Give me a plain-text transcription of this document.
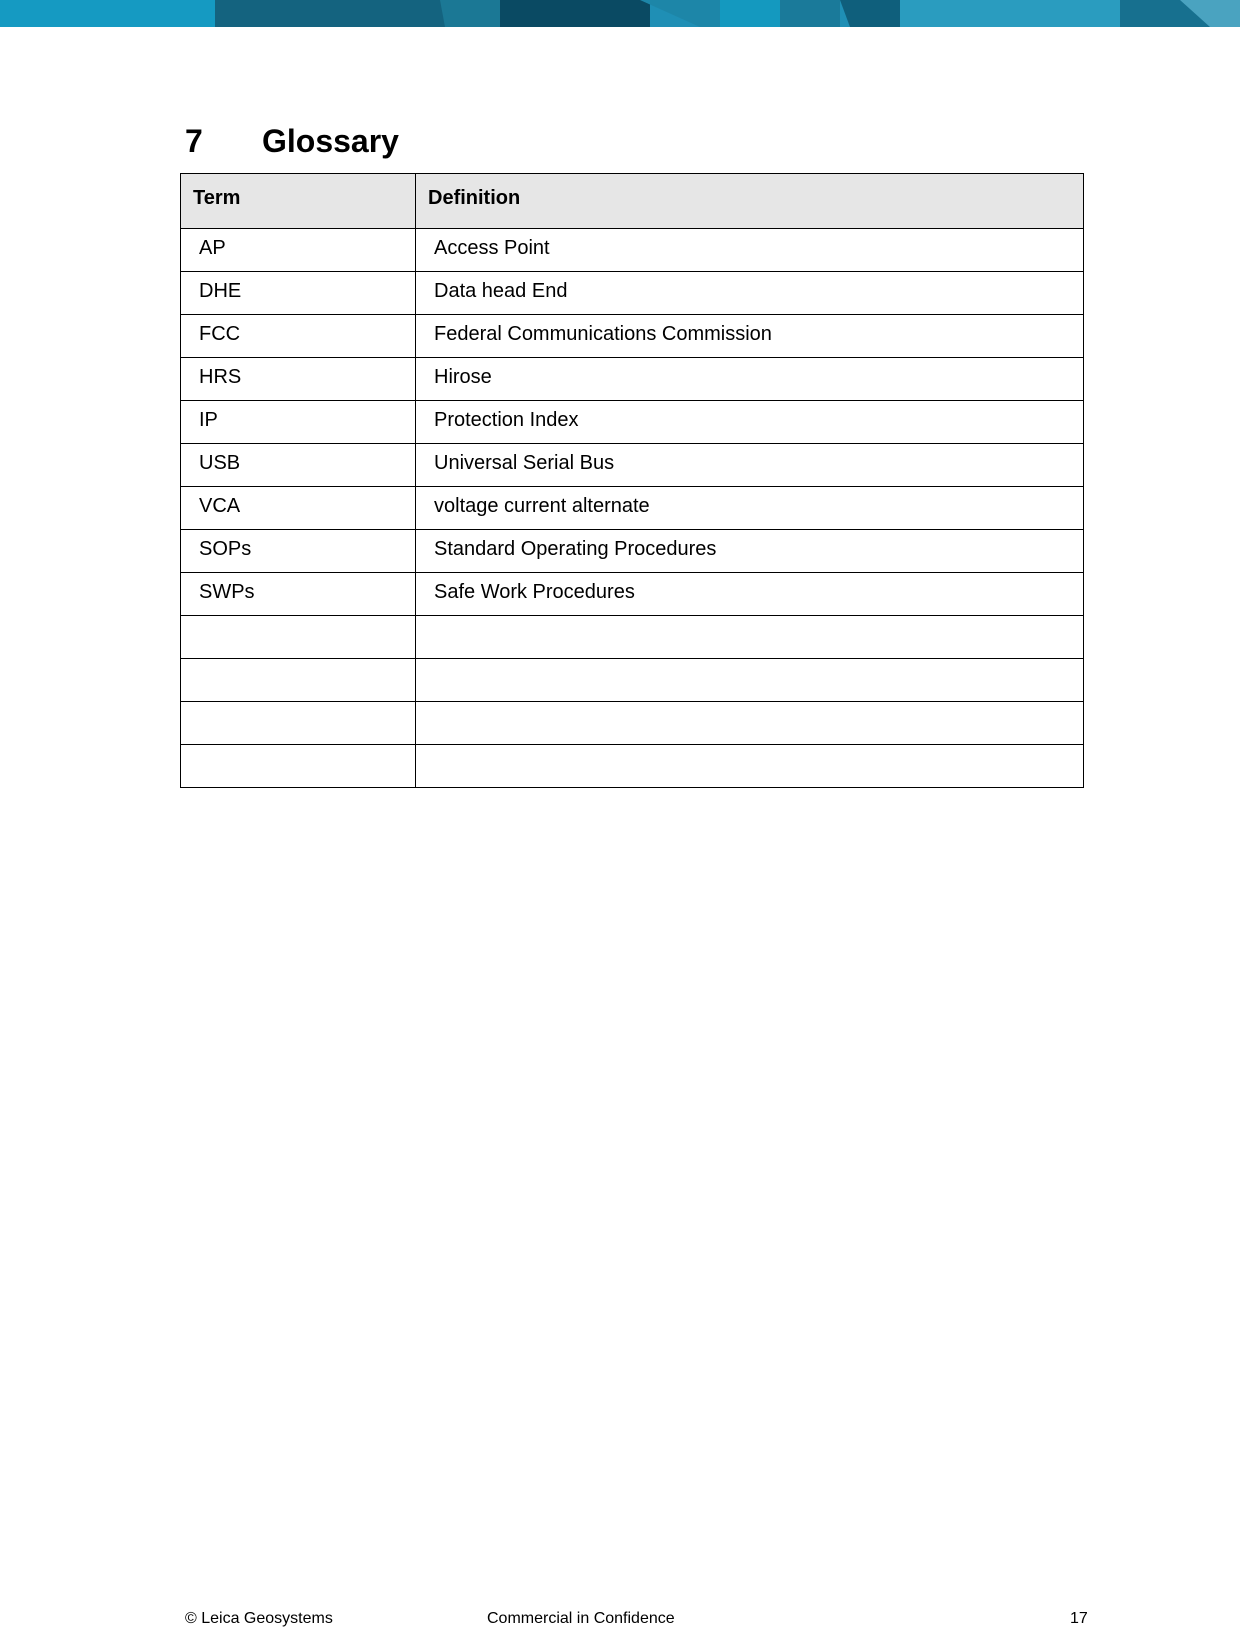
7 Glossary
Term	Definition
AP	Access Point
DHE	Data head End
FCC	Federal Communications Commission
HRS	Hirose
IP	Protection Index
USB	Universal Serial Bus
VCA	voltage current alternate
SOPs	Standard Operating Procedures
SWPs	Safe Work Procedures

© Leica Geosystems	Commercial in Confidence	17
